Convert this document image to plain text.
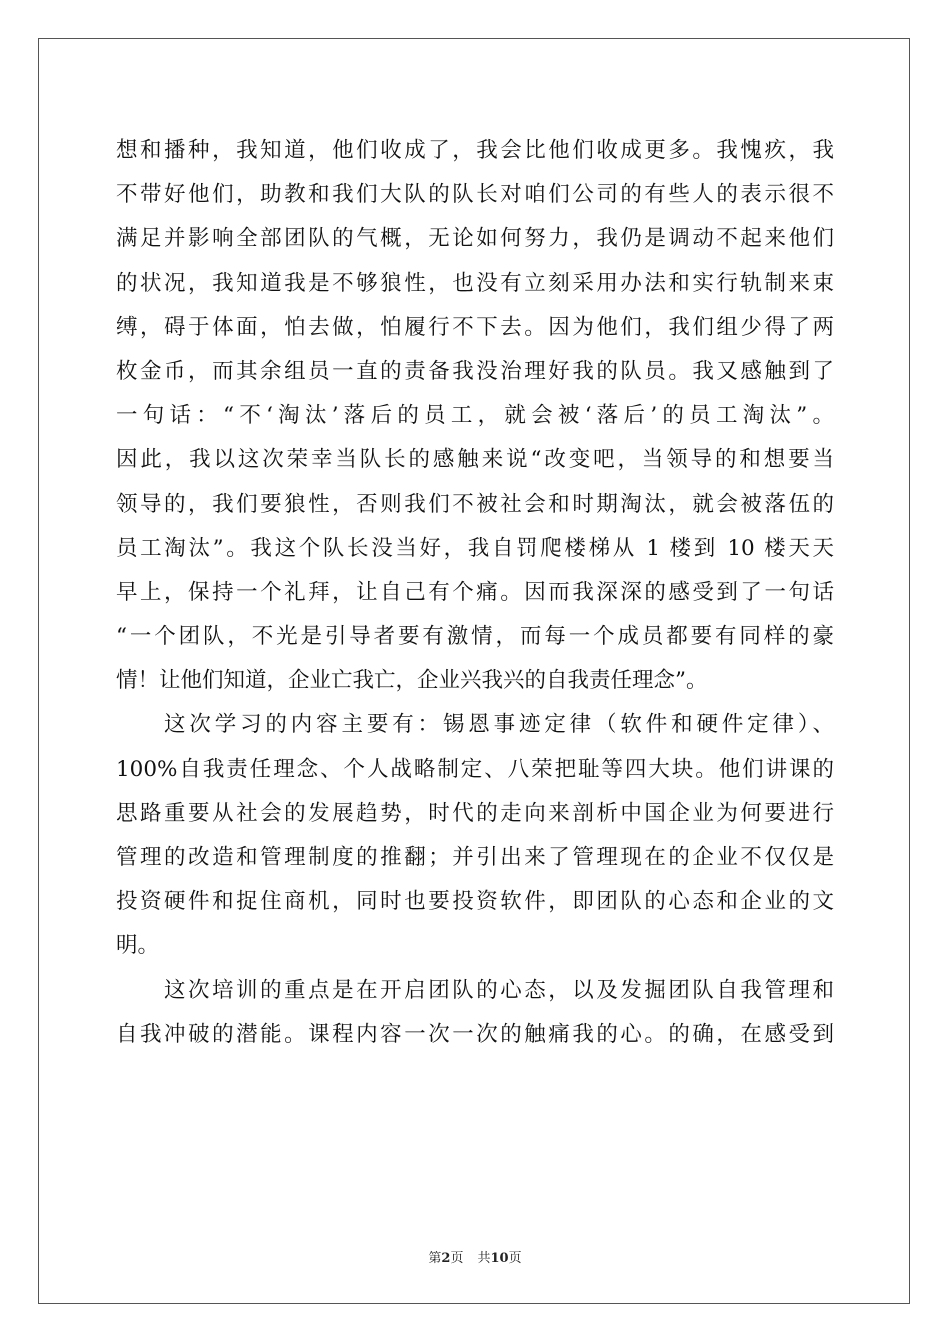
想和播种，我知道，他们收成了，我会比他们收成更多。我愧疚，我
不带好他们，助教和我们大队的队长对咱们公司的有些人的表示很不
满足并影响全部团队的气概，无论如何努力，我仍是调动不起来他们
的状况，我知道我是不够狼性，也没有立刻采用办法和实行轨制来束
缚，碍于体面，怕去做，怕履行不下去。因为他们，我们组少得了两
枚金币，而其余组员一直的责备我没治理好我的队员。我又感触到了
一句话：“不‘淘汰’落后的员工，就会被‘落后’的员工淘汰”。
因此，我以这次荣幸当队长的感触来说“改变吧，当领导的和想要当
领导的，我们要狼性，否则我们不被社会和时期淘汰，就会被落伍的
员工淘汰”。我这个队长没当好，我自罚爬楼梯从 1 楼到 10 楼天天
早上，保持一个礼拜，让自己有个痛。因而我深深的感受到了一句话
“一个团队，不光是引导者要有激情，而每一个成员都要有同样的豪
情！让他们知道，企业亡我亡，企业兴我兴的自我责任理念”。
这次学习的内容主要有：锡恩事迹定律（软件和硬件定律）、
100%自我责任理念、个人战略制定、八荣把耻等四大块。他们讲课的
思路重要从社会的发展趋势，时代的走向来剖析中国企业为何要进行
管理的改造和管理制度的推翻；并引出来了管理现在的企业不仅仅是
投资硬件和捉住商机，同时也要投资软件，即团队的心态和企业的文
明。
这次培训的重点是在开启团队的心态，以及发掘团队自我管理和
自我冲破的潜能。课程内容一次一次的触痛我的心。的确，在感受到
第2页 共10页
